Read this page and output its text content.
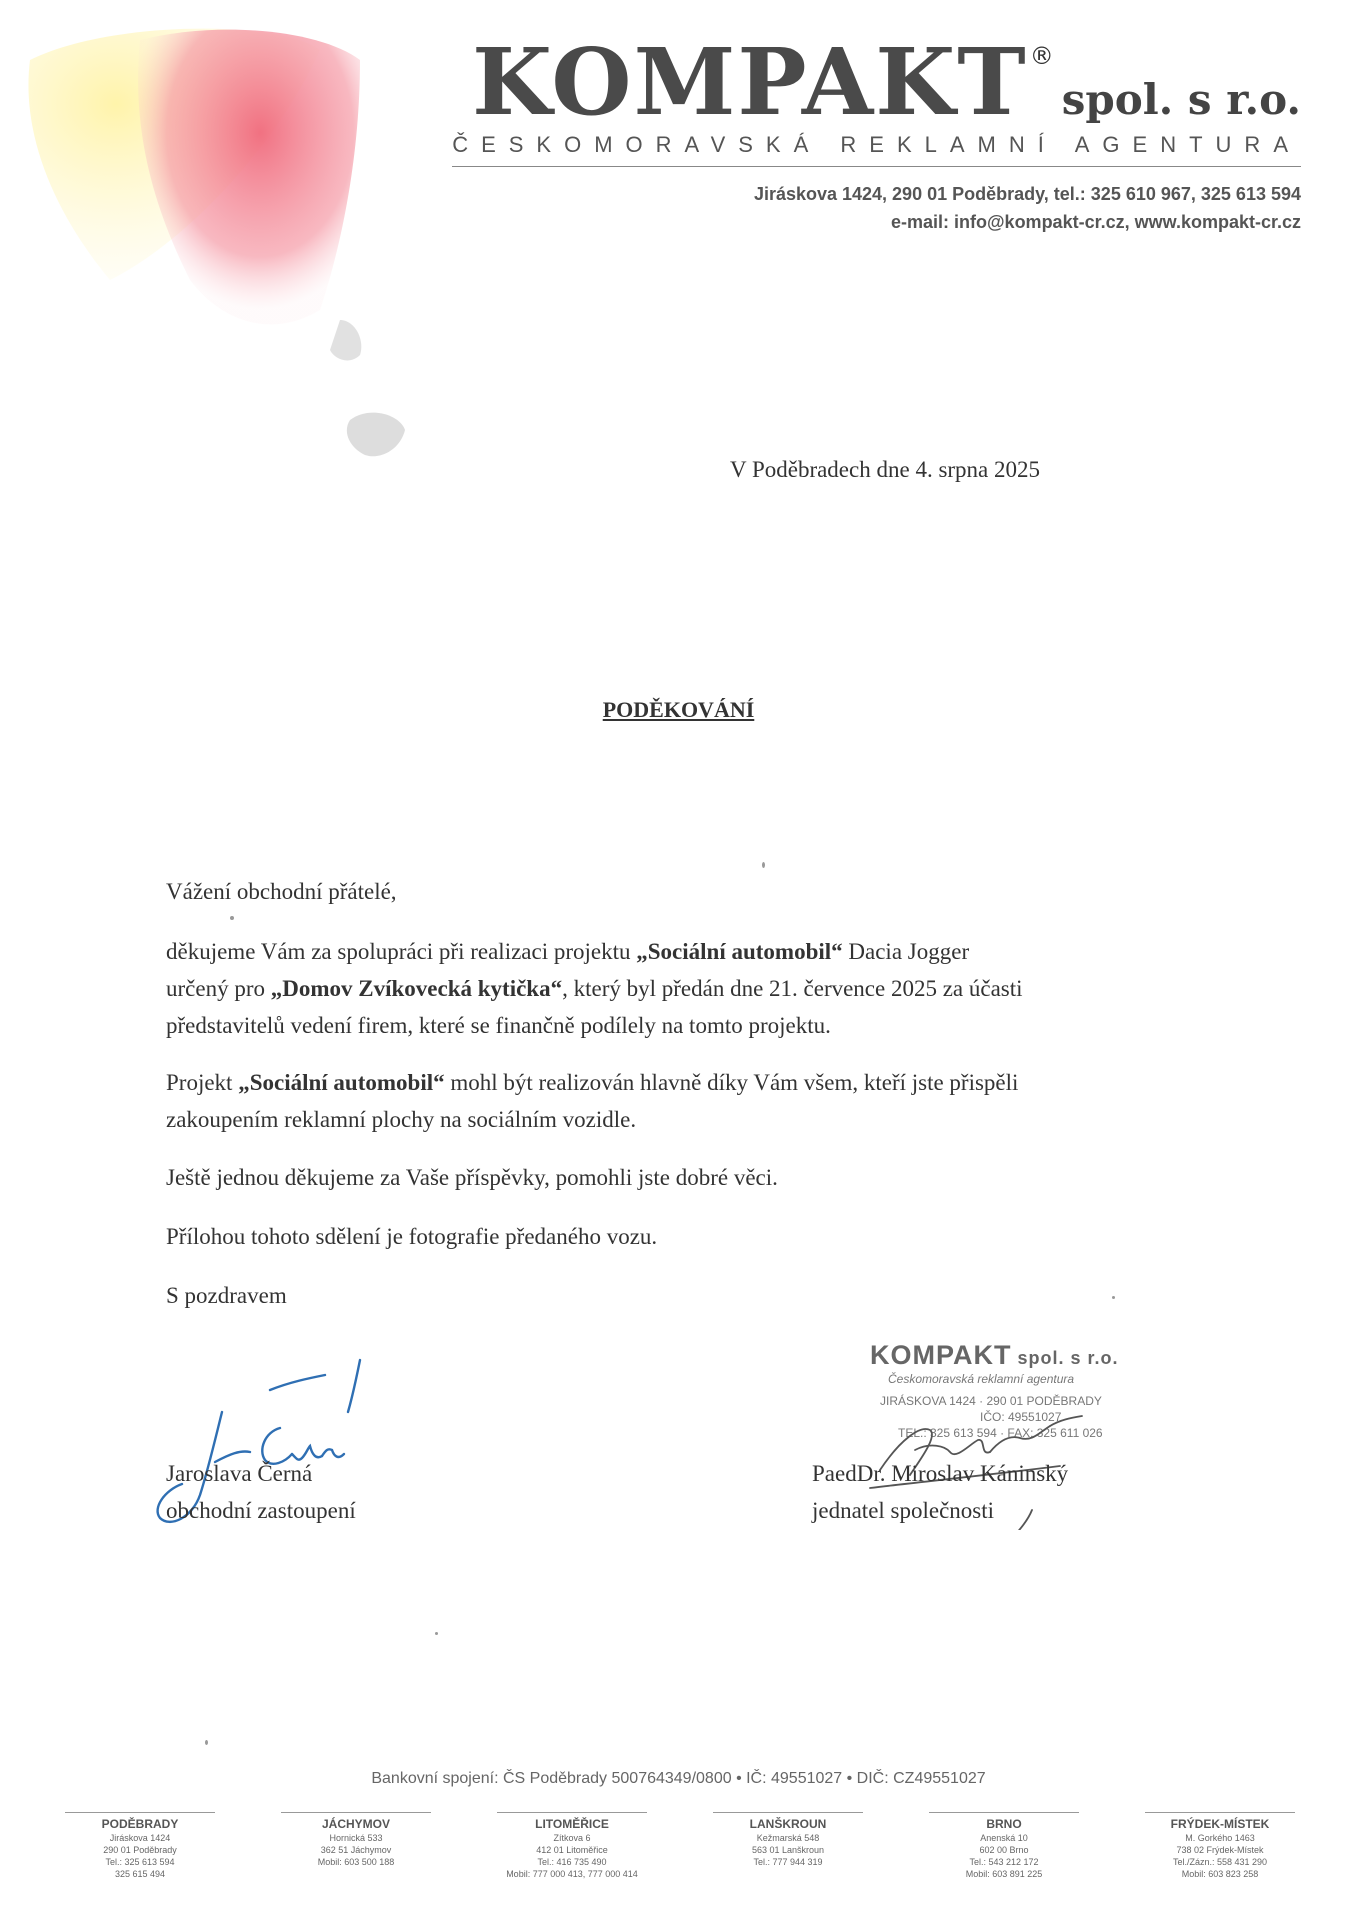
KOMPAKT®spol. s r.o.
ČESKOMORAVSKÁ REKLAMNÍ AGENTURA
Jiráskova 1424, 290 01 Poděbrady, tel.: 325 610 967, 325 613 594
e-mail: info@kompakt-cr.cz, www.kompakt-cr.cz
V Poděbradech dne 4. srpna 2025
PODĚKOVÁNÍ
Vážení obchodní přátelé,

děkujeme Vám za spolupráci při realizaci projektu „Sociální automobil“ Dacia Jogger

určený pro „Domov Zvíkovecká kytička“, který byl předán dne 21. července 2025 za účasti

představitelů vedení firem, které se finančně podílely na tomto projektu.

Projekt „Sociální automobil“ mohl být realizován hlavně díky Vám všem, kteří jste přispěli

zakoupením reklamní plochy na sociálním vozidle.

Ještě jednou děkujeme za Vaše příspěvky, pomohli jste dobré věci.
Přílohou tohoto sdělení je fotografie předaného vozu.
S pozdravem
Jaroslava Černá
obchodní zastoupení
KOMPAKT spol. s r.o.
Českomoravská reklamní agentura
JIRÁSKOVA 1424 · 290 01 PODĚBRADY
IČO: 49551027
TEL.: 325 613 594 · FAX: 325 611 026
PaedDr. Miroslav Káninský
jednatel společnosti
Bankovní spojení: ČS Poděbrady 500764349/0800 • IČ: 49551027 • DIČ: CZ49551027
PODĚBRADY
Jiráskova 1424
290 01 Poděbrady
Tel.: 325 613 594
325 615 494
JÁCHYMOV
Hornická 533
362 51 Jáchymov
Mobil: 603 500 188
LITOMĚŘICE
Zítkova 6
412 01 Litoměřice
Tel.: 416 735 490
Mobil: 777 000 413, 777 000 414
LANŠKROUN
Kežmarská 548
563 01 Lanškroun
Tel.: 777 944 319
BRNO
Anenská 10
602 00 Brno
Tel.: 543 212 172
Mobil: 603 891 225
FRÝDEK-MÍSTEK
M. Gorkého 1463
738 02 Frýdek-Místek
Tel./Zázn.: 558 431 290
Mobil: 603 823 258
